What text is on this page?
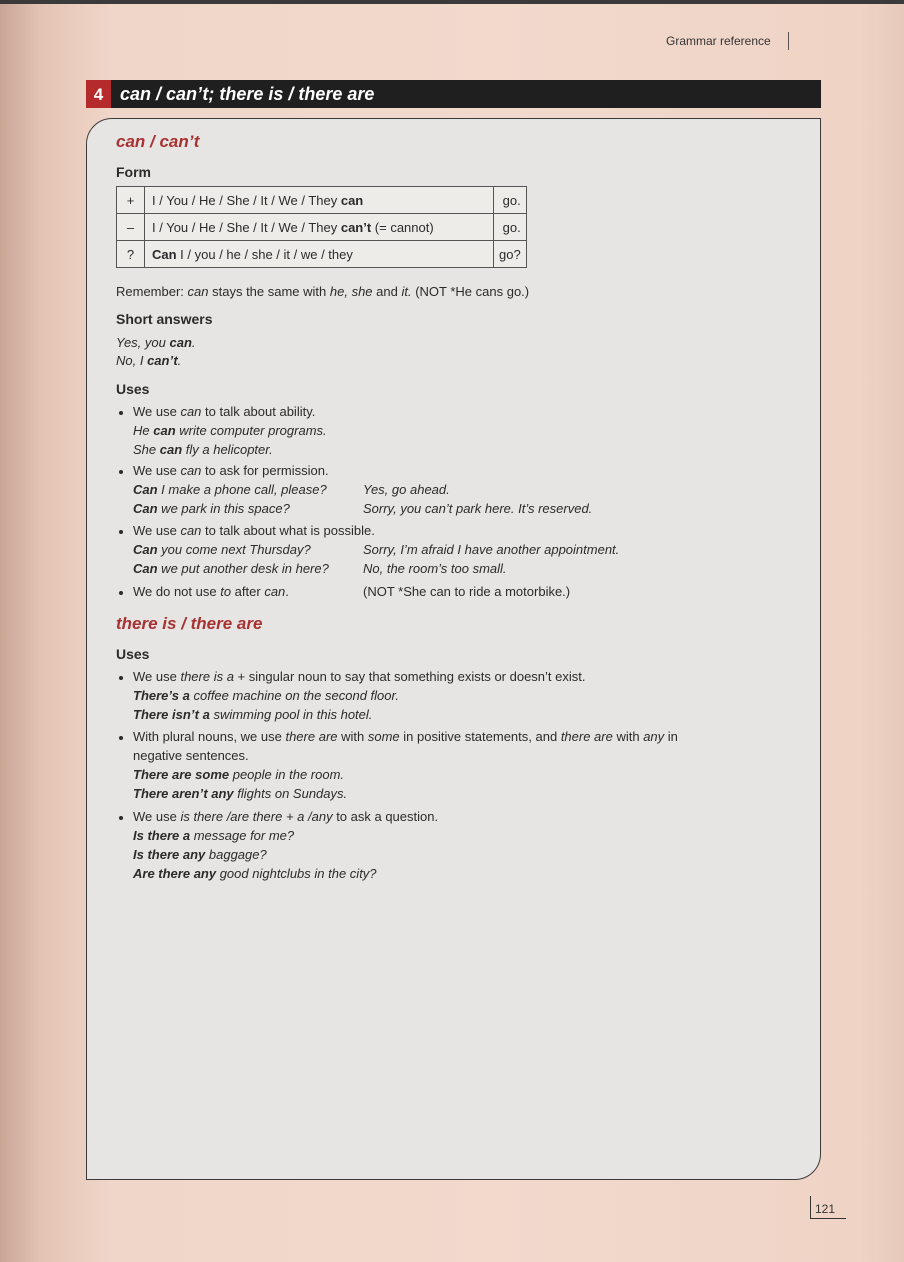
Grammar reference
4 can / can’t; there is / there are
can / can’t
Form
+	I / You / He / She / It / We / They can	go.
–	I / You / He / She / It / We / They can’t (= cannot)	go.
?	Can I / you / he / she / it / we / they	go?
Remember: can stays the same with he, she and it. (NOT *He cans go.)
Short answers
Yes, you can.
No, I can’t.
Uses
We use can to talk about ability.
He can write computer programs.
She can fly a helicopter.
We use can to ask for permission.
Can I make a phone call, please?	Yes, go ahead.
Can we park in this space?	Sorry, you can’t park here. It’s reserved.
We use can to talk about what is possible.
Can you come next Thursday?	Sorry, I’m afraid I have another appointment.
Can we put another desk in here?	No, the room’s too small.
We do not use to after can.	(NOT *She can to ride a motorbike.)
there is / there are
Uses
We use there is a + singular noun to say that something exists or doesn’t exist.
There’s a coffee machine on the second floor.
There isn’t a swimming pool in this hotel.
With plural nouns, we use there are with some in positive statements, and there are with any in
negative sentences.
There are some people in the room.
There aren’t any flights on Sundays.
We use is there /are there + a /any to ask a question.
Is there a message for me?
Is there any baggage?
Are there any good nightclubs in the city?
121
